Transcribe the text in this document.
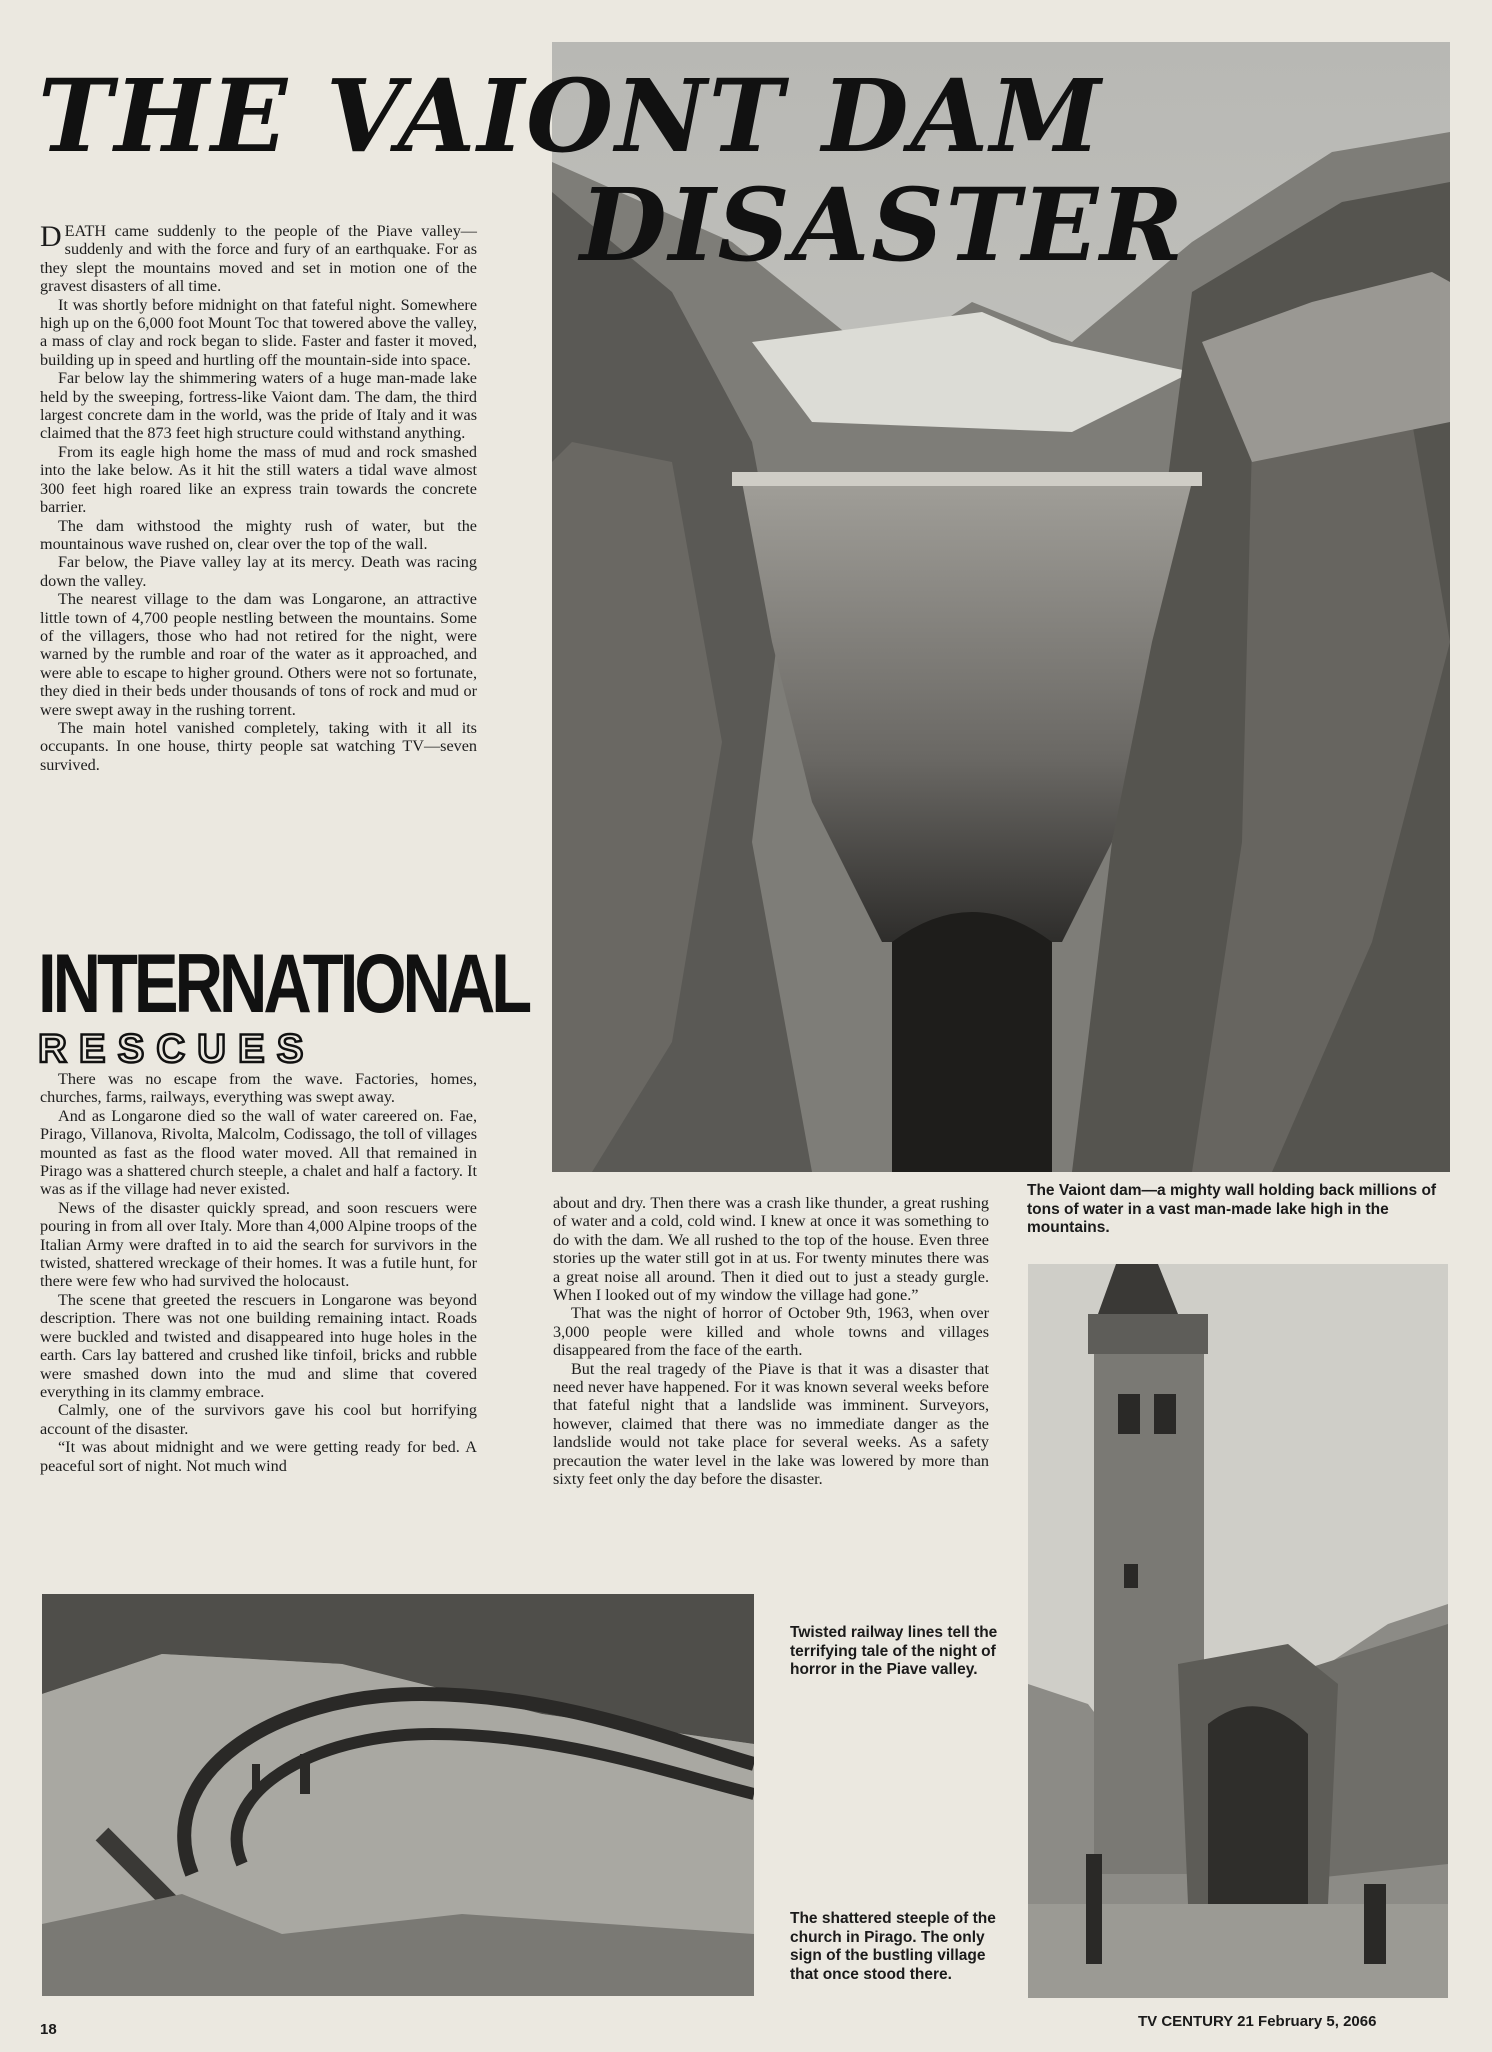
THE VAIONT DAM
DISASTER

DEATH came suddenly to the people of the Piave valley—suddenly and with the force and fury of an earthquake. For as they slept the mountains moved and set in motion one of the gravest disasters of all time.

It was shortly before midnight on that fateful night. Somewhere high up on the 6,000 foot Mount Toc that towered above the valley, a mass of clay and rock began to slide. Faster and faster it moved, building up in speed and hurtling off the mountain-side into space.

Far below lay the shimmering waters of a huge man-made lake held by the sweeping, fortress-like Vaiont dam. The dam, the third largest concrete dam in the world, was the pride of Italy and it was claimed that the 873 feet high structure could withstand anything.

From its eagle high home the mass of mud and rock smashed into the lake below. As it hit the still waters a tidal wave almost 300 feet high roared like an express train towards the concrete barrier.

The dam withstood the mighty rush of water, but the mountainous wave rushed on, clear over the top of the wall.

Far below, the Piave valley lay at its mercy. Death was racing down the valley.

The nearest village to the dam was Longarone, an attractive little town of 4,700 people nestling between the mountains. Some of the villagers, those who had not retired for the night, were warned by the rumble and roar of the water as it approached, and were able to escape to higher ground. Others were not so fortunate, they died in their beds under thousands of tons of rock and mud or were swept away in the rushing torrent.

The main hotel vanished completely, taking with it all its occupants. In one house, thirty people sat watching TV—seven survived.

INTERNATIONAL
RESCUES

There was no escape from the wave. Factories, homes, churches, farms, railways, everything was swept away.

And as Longarone died so the wall of water careered on. Fae, Pirago, Villanova, Rivolta, Malcolm, Codissago, the toll of villages mounted as fast as the flood water moved. All that remained in Pirago was a shattered church steeple, a chalet and half a factory. It was as if the village had never existed.

News of the disaster quickly spread, and soon rescuers were pouring in from all over Italy. More than 4,000 Alpine troops of the Italian Army were drafted in to aid the search for survivors in the twisted, shattered wreckage of their homes. It was a futile hunt, for there were few who had survived the holocaust.

The scene that greeted the rescuers in Longarone was beyond description. There was not one building remaining intact. Roads were buckled and twisted and disappeared into huge holes in the earth. Cars lay battered and crushed like tinfoil, bricks and rubble were smashed down into the mud and slime that covered everything in its clammy embrace.

Calmly, one of the survivors gave his cool but horrifying account of the disaster.

“It was about midnight and we were getting ready for bed. A peaceful sort of night. Not much wind

about and dry. Then there was a crash like thunder, a great rushing of water and a cold, cold wind. I knew at once it was something to do with the dam. We all rushed to the top of the house. Even three stories up the water still got in at us. For twenty minutes there was a great noise all around. Then it died out to just a steady gurgle. When I looked out of my window the village had gone.”

That was the night of horror of October 9th, 1963, when over 3,000 people were killed and whole towns and villages disappeared from the face of the earth.

But the real tragedy of the Piave is that it was a disaster that need never have happened. For it was known several weeks before that fateful night that a landslide was imminent. Surveyors, however, claimed that there was no immediate danger as the landslide would not take place for several weeks. As a safety precaution the water level in the lake was lowered by more than sixty feet only the day before the disaster.

The Vaiont dam—a mighty wall holding back millions of tons of water in a vast man-made lake high in the mountains.
Twisted railway lines tell the terrifying tale of the night of horror in the Piave valley.
The shattered steeple of the church in Pirago. The only sign of the bustling village that once stood there.
18	TV CENTURY 21 February 5, 2066
